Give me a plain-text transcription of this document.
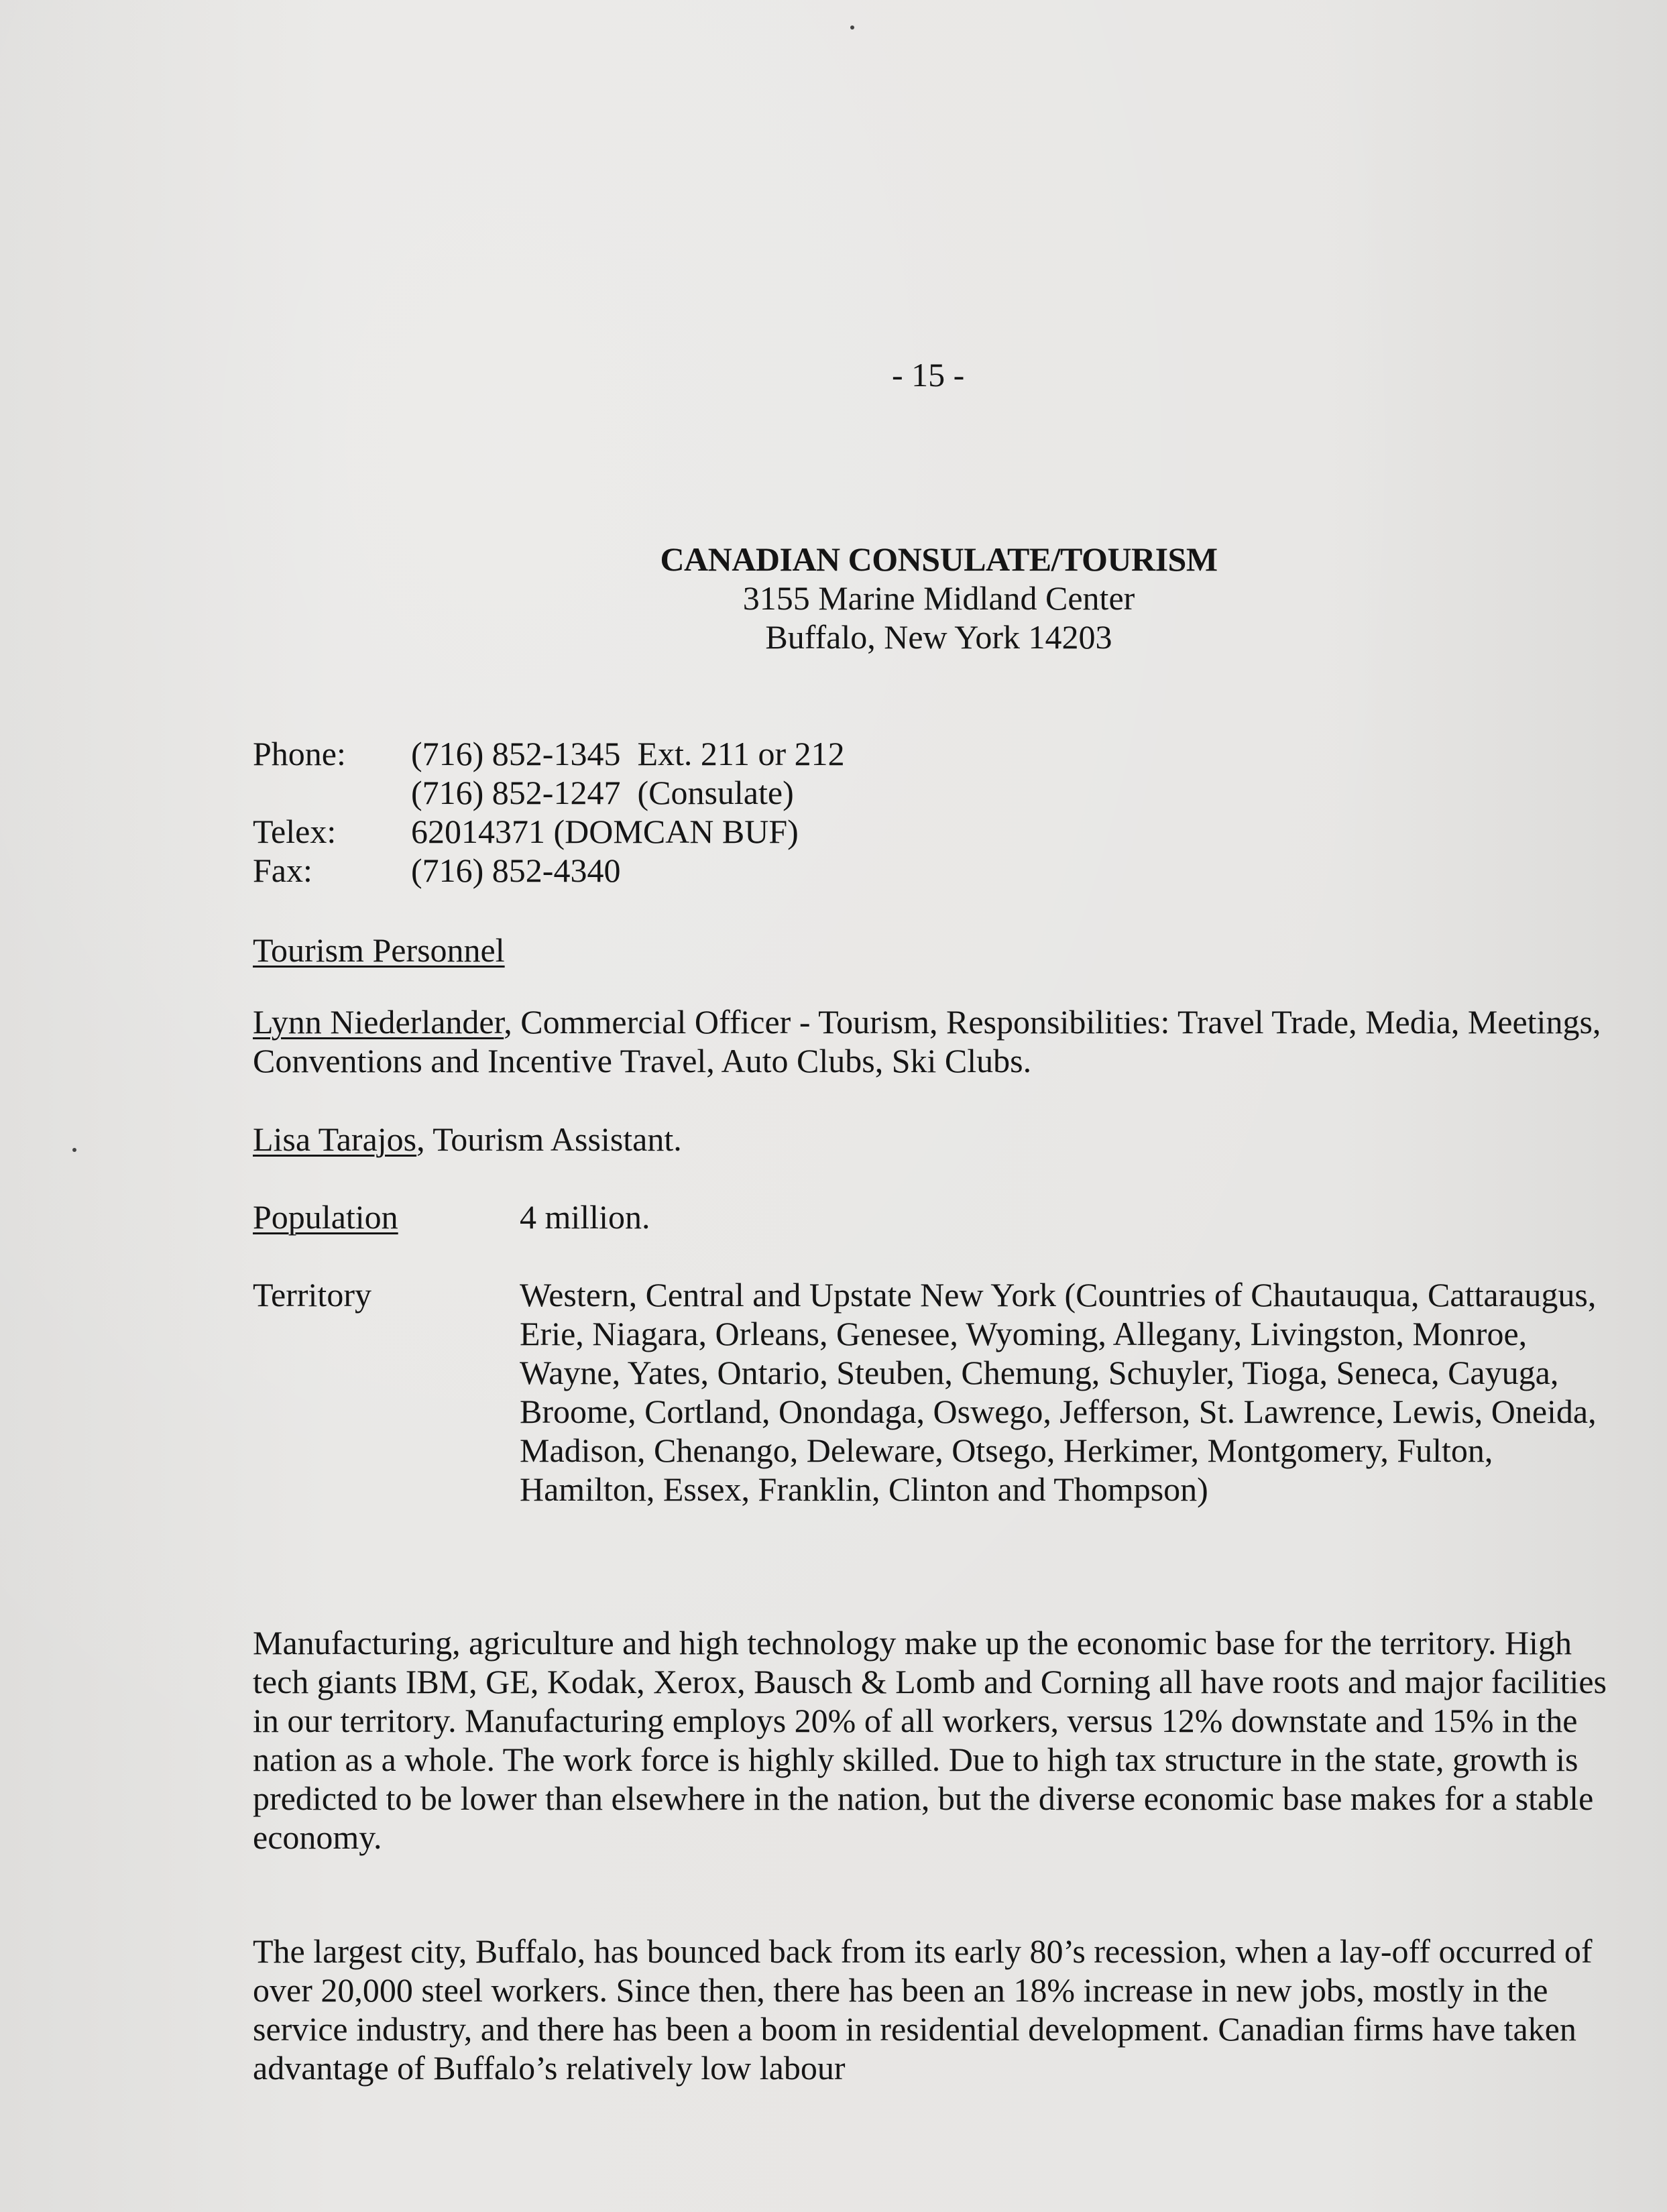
- 15 -
CANADIAN CONSULATE/TOURISM
3155 Marine Midland Center
Buffalo, New York 14203
Phone:	(716) 852-1345  Ext. 211 or 212
(716) 852-1247  (Consulate)
Telex:	62014371 (DOMCAN BUF)
Fax:	(716) 852-4340
Tourism Personnel
Lynn Niederlander, Commercial Officer - Tourism, Responsibilities: Travel Trade, Media, Meetings, Conventions and Incentive Travel, Auto Clubs, Ski Clubs.
Lisa Tarajos, Tourism Assistant.
Population	4 million.
Territory	Western, Central and Upstate New York (Countries of Chautauqua, Cattaraugus, Erie, Niagara, Orleans, Genesee, Wyoming, Allegany, Livingston, Monroe, Wayne, Yates, Ontario, Steuben, Chemung, Schuyler, Tioga, Seneca, Cayuga, Broome, Cortland, Onondaga, Oswego, Jefferson, St. Lawrence, Lewis, Oneida, Madison, Chenango, Deleware, Otsego, Herkimer, Montgomery, Fulton, Hamilton, Essex, Franklin, Clinton and Thompson)
Manufacturing, agriculture and high technology make up the economic base for the territory. High tech giants IBM, GE, Kodak, Xerox, Bausch & Lomb and Corning all have roots and major facilities in our territory. Manufacturing employs 20% of all workers, versus 12% downstate and 15% in the nation as a whole. The work force is highly skilled. Due to high tax structure in the state, growth is predicted to be lower than elsewhere in the nation, but the diverse economic base makes for a stable economy.
The largest city, Buffalo, has bounced back from its early 80’s recession, when a lay-off occurred of over 20,000 steel workers. Since then, there has been an 18% increase in new jobs, mostly in the service industry, and there has been a boom in residential development. Canadian firms have taken advantage of Buffalo’s relatively low labour
